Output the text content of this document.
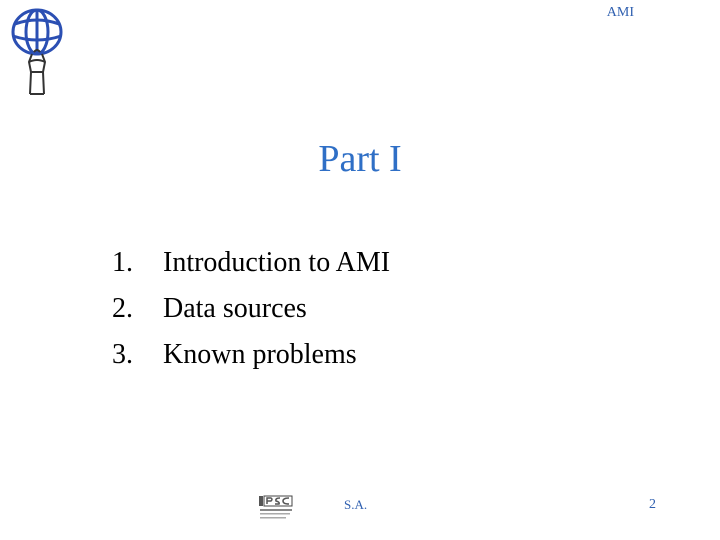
AMI
Part I
1.	Introduction to AMI
2.	Data sources
3.	Known problems
S.A.	2
